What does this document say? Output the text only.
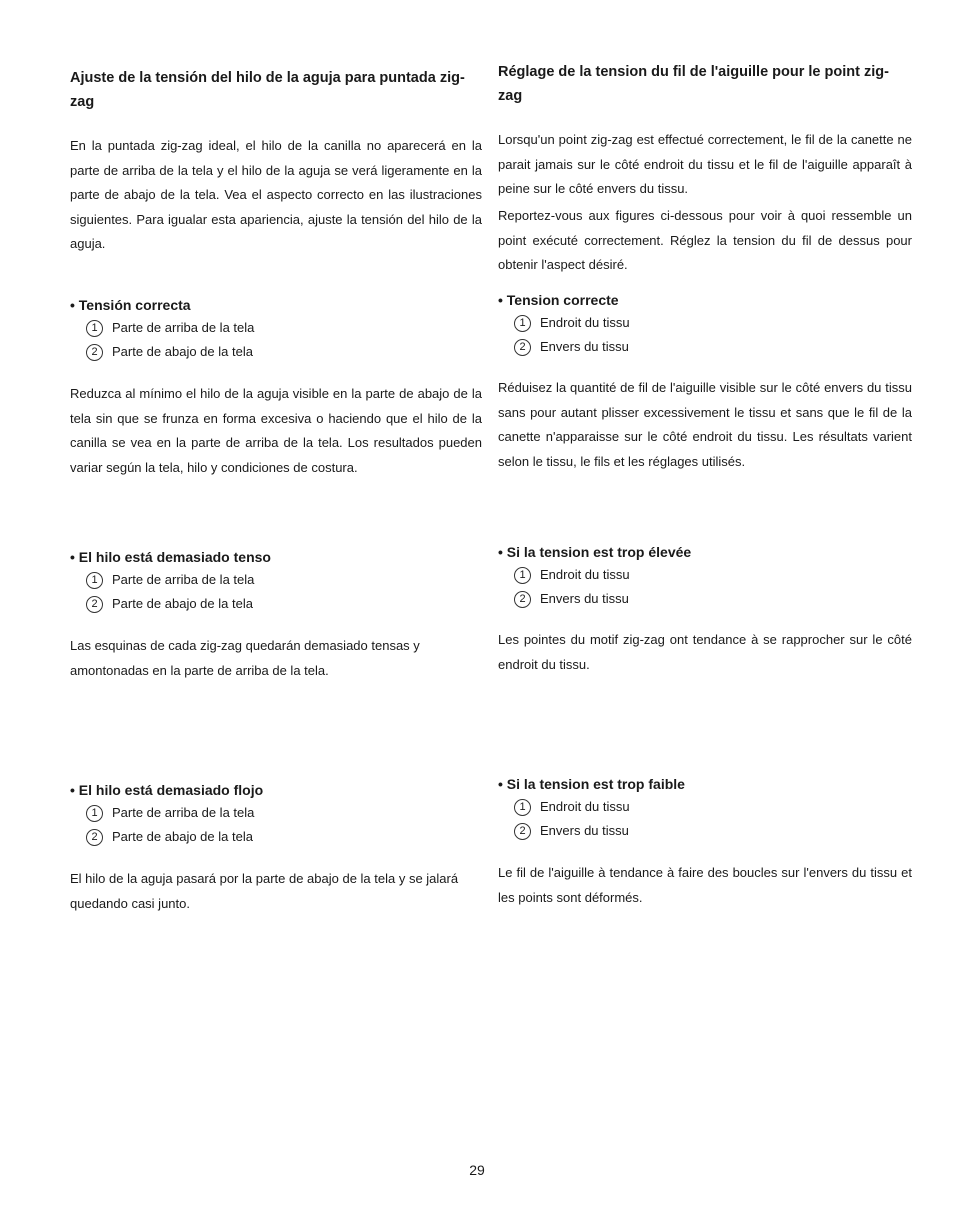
Ajuste de la tensión del hilo de la aguja para puntada zig-zag

En la puntada zig-zag ideal, el hilo de la canilla no aparecerá en la parte de arriba de la tela y el hilo de la aguja se verá ligeramente en la parte de abajo de la tela. Vea el aspecto correcto en las ilustraciones siguientes. Para igualar esta apariencia, ajuste la tensión del hilo de la aguja.

• Tensión correcta
1	Parte de arriba de la tela
2	Parte de abajo de la tela

Reduzca al mínimo el hilo de la aguja visible en la parte de abajo de la tela sin que se frunza en forma excesiva o haciendo que el hilo de la canilla se vea en la parte de arriba de la tela. Los resultados pueden variar según la tela, hilo y condiciones de costura.

• El hilo está demasiado tenso
1	Parte de arriba de la tela
2	Parte de abajo de la tela

Las esquinas de cada zig-zag quedarán demasiado tensas y amontonadas en la parte de arriba de la tela.

• El hilo está demasiado flojo
1	Parte de arriba de la tela
2	Parte de abajo de la tela

El hilo de la aguja pasará por la parte de abajo de la tela y se jalará quedando casi junto.

Réglage de la tension du fil de l'aiguille pour le point zig-zag

Lorsqu'un point zig-zag est effectué correctement, le fil de la canette ne parait jamais sur le côté endroit du tissu et le fil de l'aiguille apparaît à peine sur le côté envers du tissu.

Reportez-vous aux figures ci-dessous pour voir à quoi ressemble un point exécuté correctement. Réglez la tension du fil de dessus pour obtenir l'aspect désiré.

• Tension correcte
1	Endroit du tissu
2	Envers du tissu

Réduisez la quantité de fil de l'aiguille visible sur le côté envers du tissu sans pour autant plisser excessivement le tissu et sans que le fil de la canette n'apparaisse sur le côté endroit du tissu. Les résultats varient selon le tissu, le fils et les réglages utilisés.

• Si la tension est trop élevée
1	Endroit du tissu
2	Envers du tissu

Les pointes du motif zig-zag ont tendance à se rapprocher sur le côté endroit du tissu.

• Si la tension est trop faible
1	Endroit du tissu
2	Envers du tissu

Le fil de l'aiguille à tendance à faire des boucles sur l'envers du tissu et les points sont déformés.

29
